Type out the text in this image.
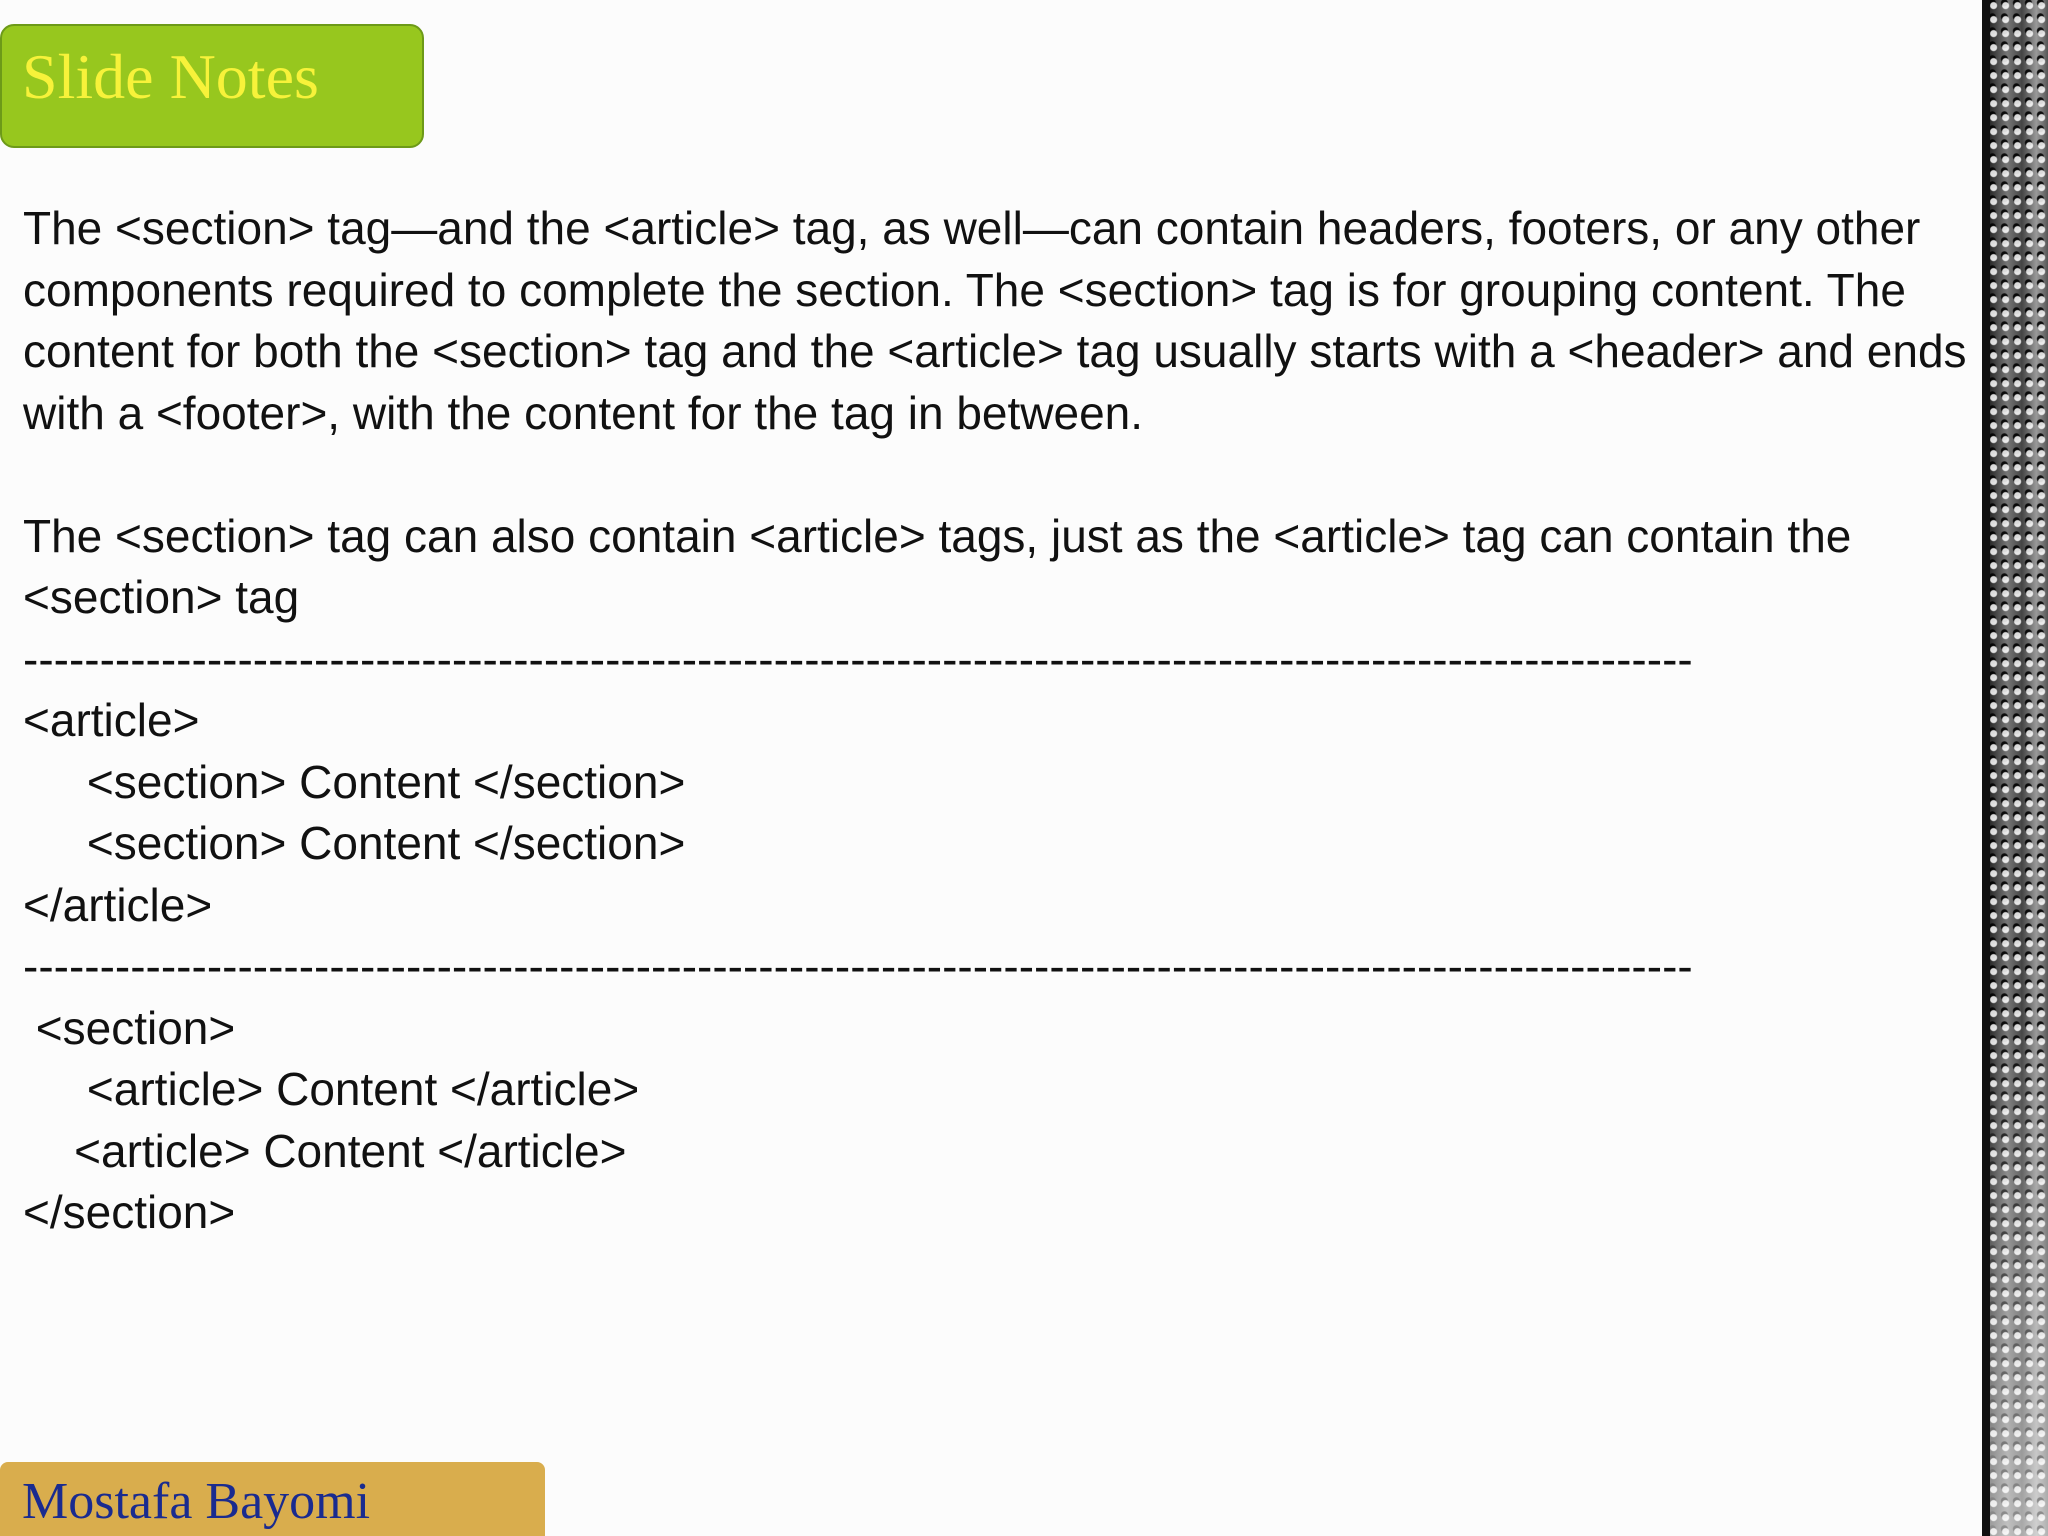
Slide Notes
The <section> tag—and the <article> tag, as well—can contain headers, footers, or any other components required to complete the section. The <section> tag is for grouping content. The content for both the <section> tag and the <article> tag usually starts with a <header> and ends with a <footer>, with the content for the tag in between.
The <section> tag can also contain <article> tags, just as the <article> tag can contain the <section> tag
-------------------------------------------------------------------------------------------------------------
<article>
<section> Content </section>
<section> Content </section>
</article>
-------------------------------------------------------------------------------------------------------------
<section>
<article> Content </article>
<article> Content </article>
</section>
Mostafa Bayomi
